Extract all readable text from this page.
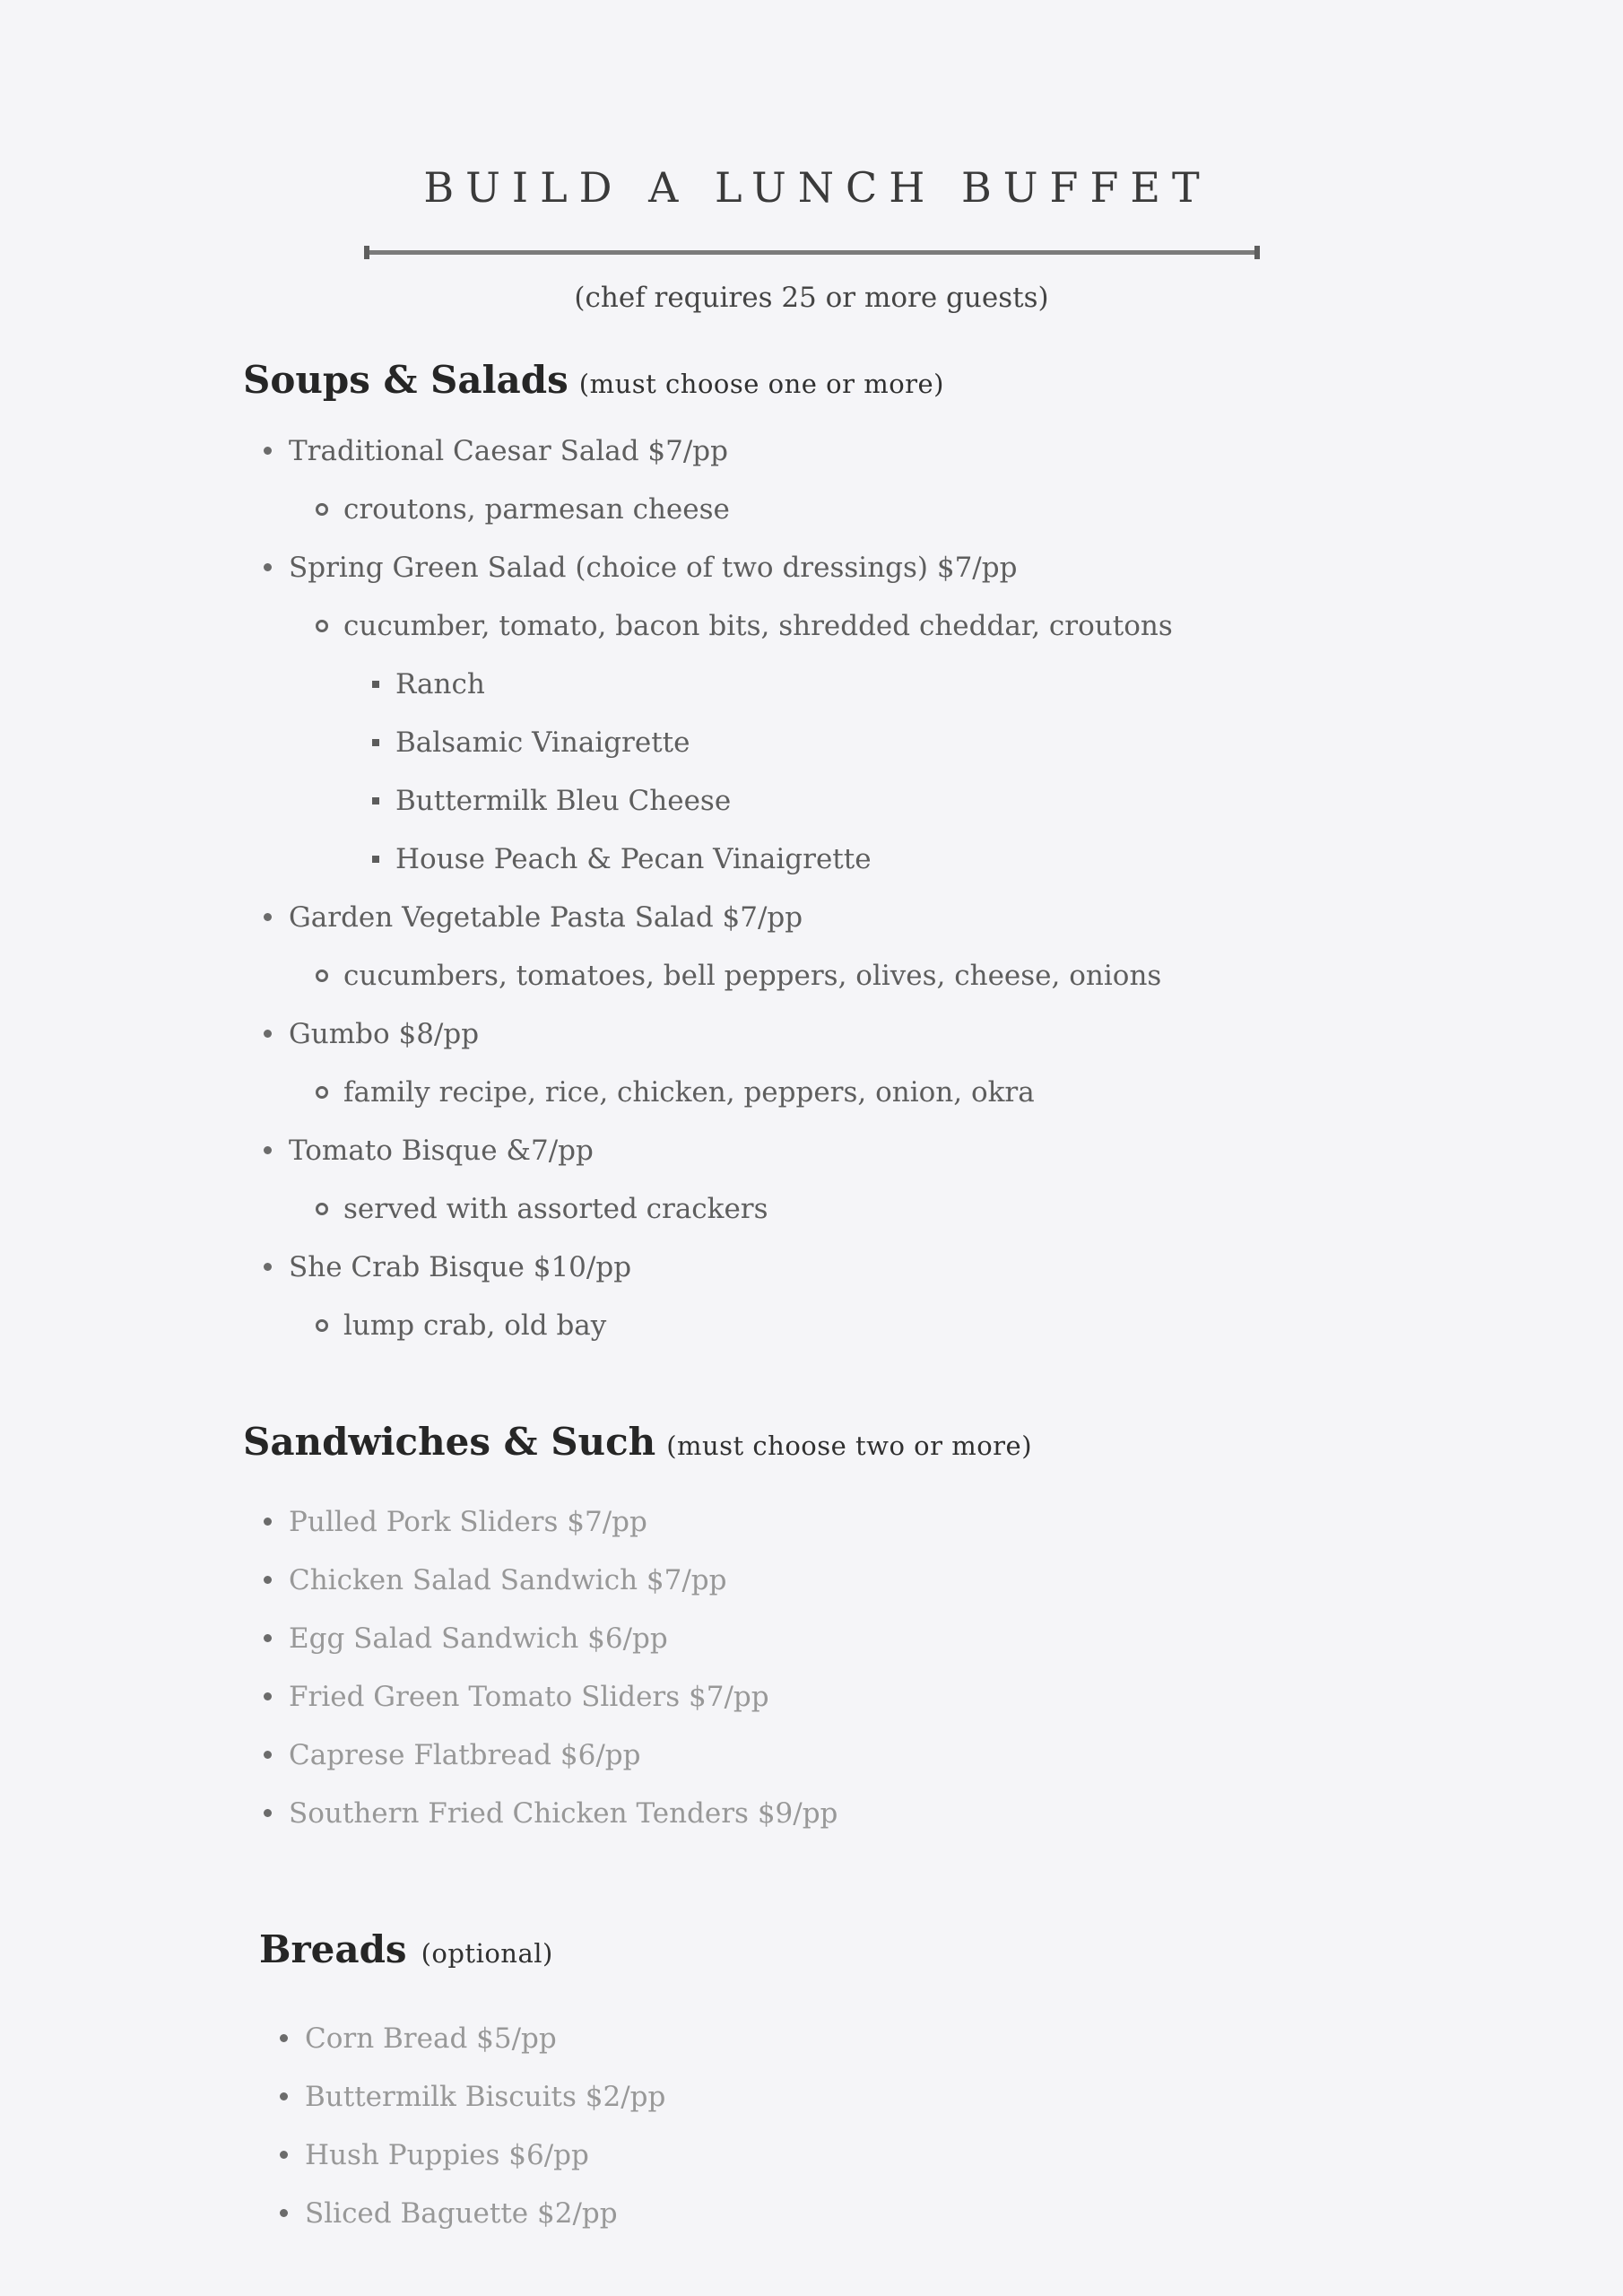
BUILD A LUNCH BUFFET

(chef requires 25 or more guests)

Soups & Salads (must choose one or more)
Traditional Caesar Salad $7/pp
croutons, parmesan cheese
Spring Green Salad (choice of two dressings) $7/pp
cucumber, tomato, bacon bits, shredded cheddar, croutons
Ranch
Balsamic Vinaigrette
Buttermilk Bleu Cheese
House Peach & Pecan Vinaigrette
Garden Vegetable Pasta Salad $7/pp
cucumbers, tomatoes, bell peppers, olives, cheese, onions
Gumbo $8/pp
family recipe, rice, chicken, peppers, onion, okra
Tomato Bisque &7/pp
served with assorted crackers
She Crab Bisque $10/pp
lump crab, old bay
Sandwiches & Such (must choose two or more)
Pulled Pork Sliders $7/pp
Chicken Salad Sandwich $7/pp
Egg Salad Sandwich $6/pp
Fried Green Tomato Sliders $7/pp
Caprese Flatbread $6/pp
Southern Fried Chicken Tenders $9/pp
Breads (optional)
Corn Bread $5/pp
Buttermilk Biscuits $2/pp
Hush Puppies $6/pp
Sliced Baguette $2/pp
